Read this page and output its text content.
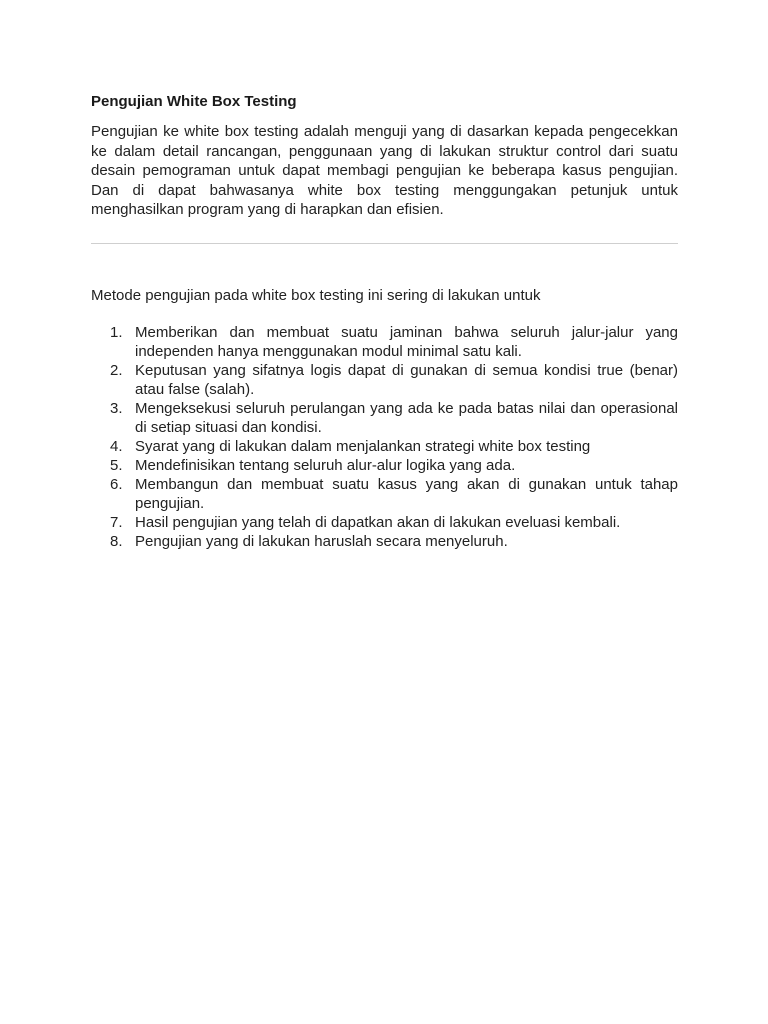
Pengujian White Box Testing

Pengujian ke white box testing adalah menguji yang di dasarkan kepada pengecekkan ke dalam detail rancangan, penggunaan yang di lakukan struktur control dari suatu desain pemograman untuk dapat membagi pengujian ke beberapa kasus pengujian. Dan di dapat bahwasanya white box testing menggungakan petunjuk untuk menghasilkan program yang di harapkan dan efisien.

Metode pengujian pada white box testing ini sering di lakukan untuk

1. Memberikan dan membuat suatu jaminan bahwa seluruh jalur-jalur yang independen hanya menggunakan modul minimal satu kali.
2. Keputusan yang sifatnya logis dapat di gunakan di semua kondisi true (benar) atau false (salah).
3. Mengeksekusi seluruh perulangan yang ada ke pada batas nilai dan operasional di setiap situasi dan kondisi.
4. Syarat yang di lakukan dalam menjalankan strategi white box testing
5. Mendefinisikan tentang seluruh alur-alur logika yang ada.
6. Membangun dan membuat suatu kasus yang akan di gunakan untuk tahap pengujian.
7. Hasil pengujian yang telah di dapatkan akan di lakukan eveluasi kembali.
8. Pengujian yang di lakukan haruslah secara menyeluruh.
